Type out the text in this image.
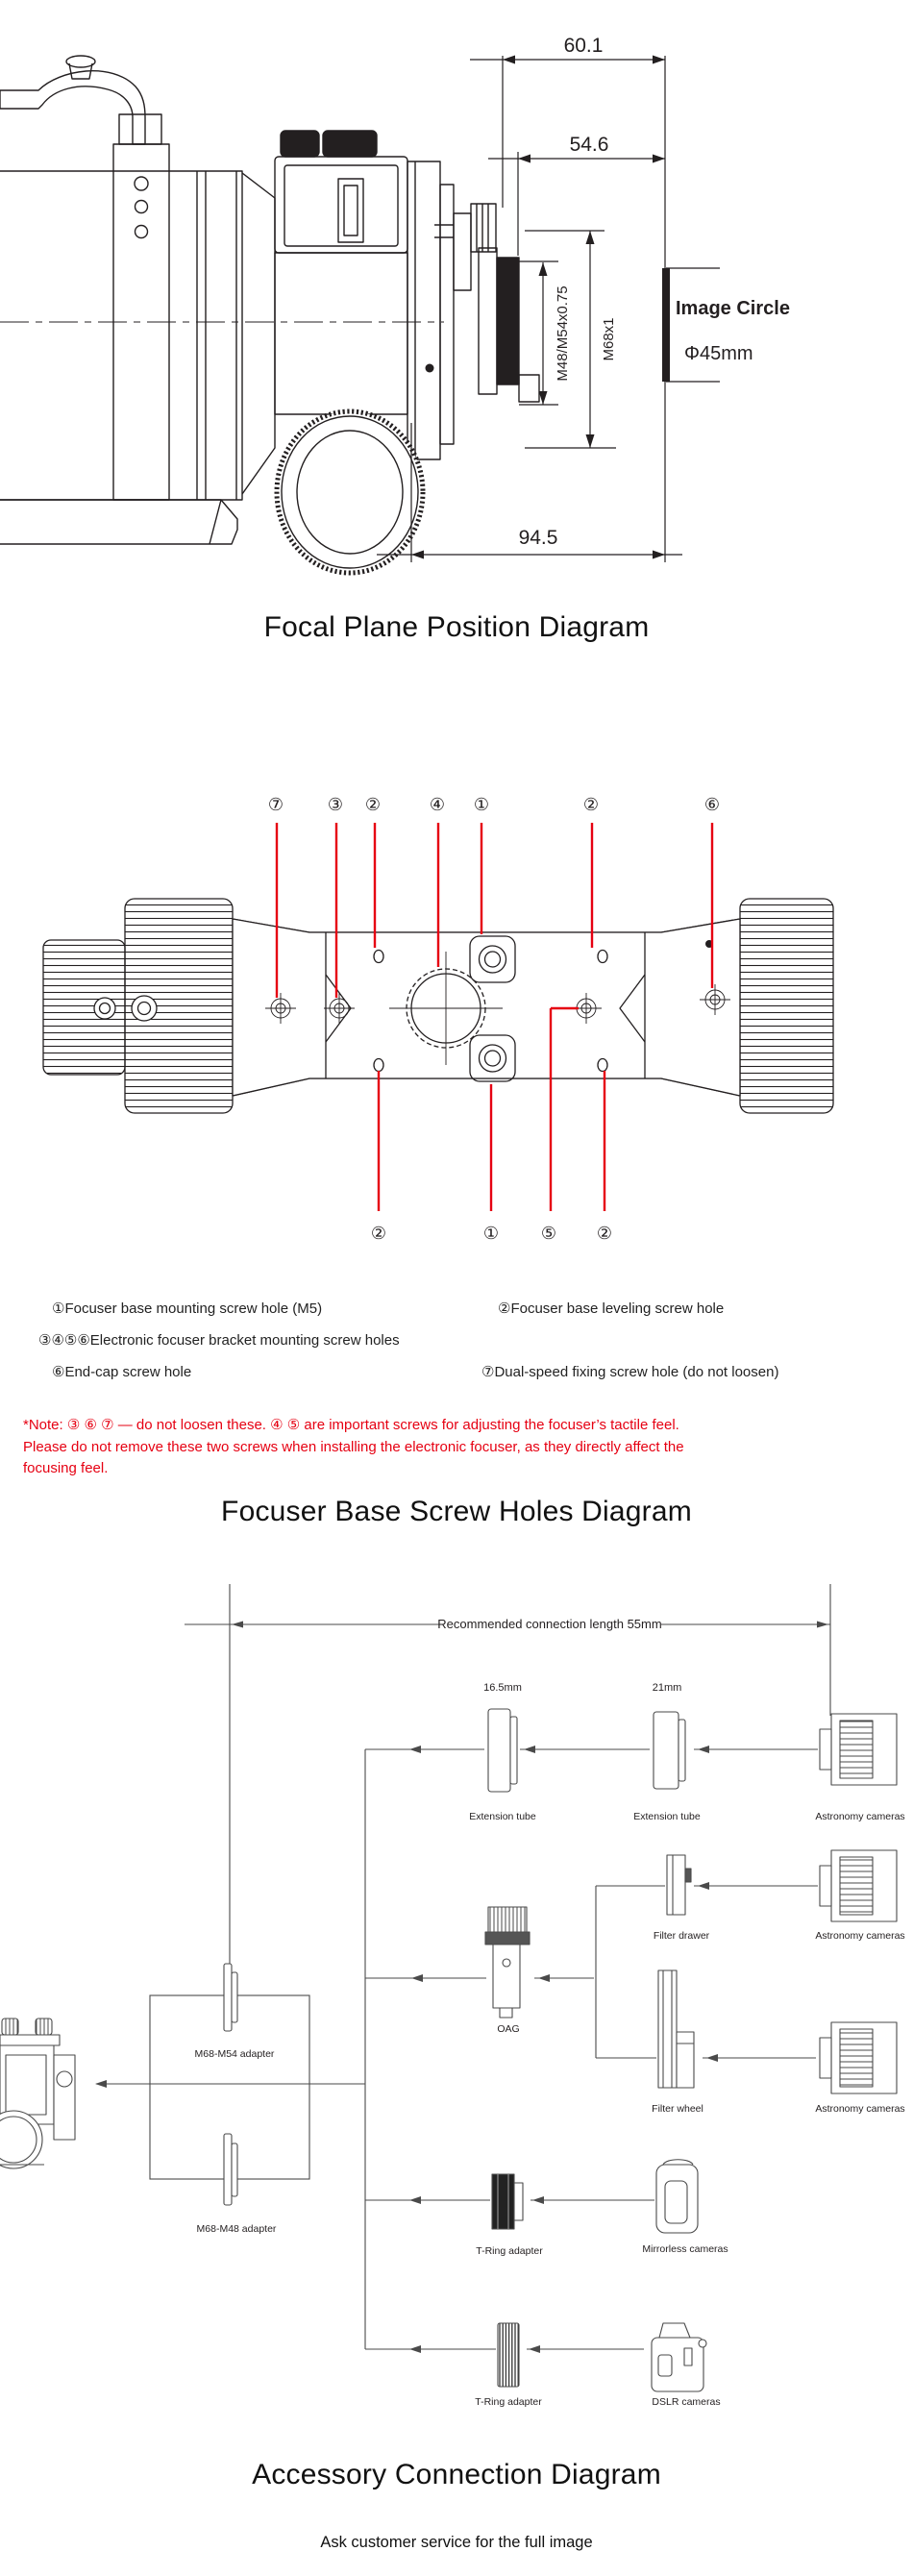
60.1
54.6
94.5
M48/M54x0.75 M68x1
Image Circle
Φ45mm
⑦	③ ②	④ ①	②	⑥
②	① ⑤ ②
Recommended connection length 55mm
16.5mm	21mm
Extension tube	Extension tube	Astronomy cameras
Astronomy cameras
Astronomy cameras
Filter drawer
OAG
Filter wheel
M68-M54 adapter
M68-M48 adapter
T-Ring adapter	Mirrorless cameras
T-Ring adapter	DSLR cameras
Focal Plane Position Diagram
①Focuser base mounting screw hole (M5)	②Focuser base leveling screw hole
③④⑤⑥Electronic focuser bracket mounting screw holes
⑥End-cap screw hole	⑦Dual-speed fixing screw hole (do not loosen)
*Note: ③ ⑥ ⑦ — do not loosen these. ④ ⑤ are important screws for adjusting the focuser’s tactile feel.
Please do not remove these two screws when installing the electronic focuser, as they directly affect the
focusing feel.
Focuser Base Screw Holes Diagram
Accessory Connection Diagram
Ask customer service for the full image
